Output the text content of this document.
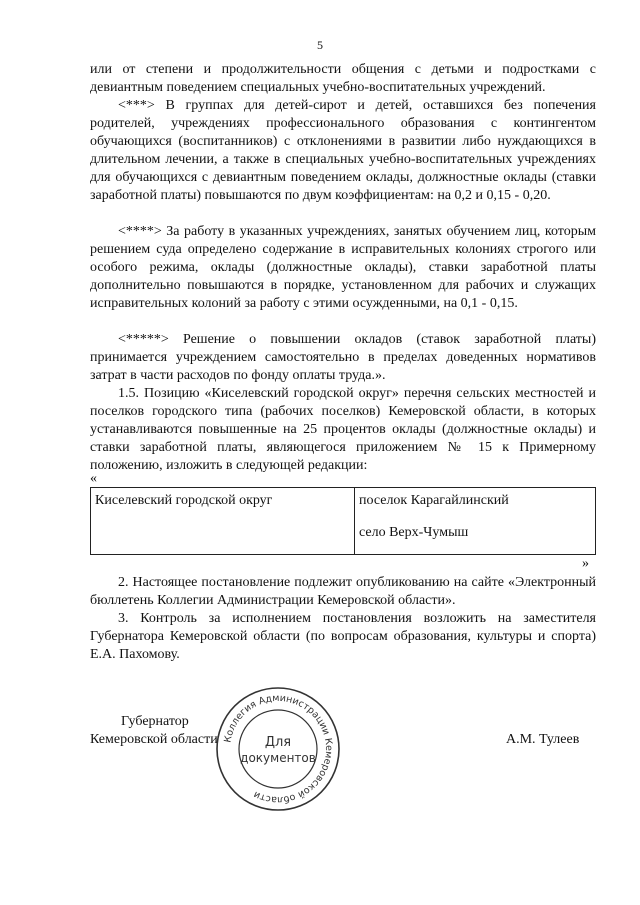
5

или от степени и продолжительности общения с детьми и подростками с девиантным поведением специальных учебно-воспитательных учреждений.

<***> В группах для детей-сирот и детей, оставшихся без попечения родителей, учреждениях профессионального образования с контингентом обучающихся (воспитанников) с отклонениями в развитии либо нуждающихся в длительном лечении, а также в специальных учебно-воспитательных учреждениях для обучающихся с девиантным поведением оклады, должностные оклады (ставки заработной платы) повышаются по двум коэффициентам: на 0,2 и 0,15 - 0,20.

<****> За работу в указанных учреждениях, занятых обучением лиц, которым решением суда определено содержание в исправительных колониях строгого или особого режима, оклады (должностные оклады), ставки заработной платы дополнительно повышаются в порядке, установленном для рабочих и служащих исправительных колоний за работу с этими осужденными, на 0,1 - 0,15.

<*****> Решение о повышении окладов (ставок заработной платы) принимается учреждением самостоятельно в пределах доведенных нормативов затрат в части расходов по фонду оплаты труда.».

1.5. Позицию «Киселевский городской округ» перечня сельских местностей и поселков городского типа (рабочих поселков) Кемеровской области, в которых устанавливаются повышенные на 25 процентов оклады (должностные оклады) и ставки заработной платы, являющегося приложением № 15 к Примерному положению, изложить в следующей редакции:

«
Киселевский городской округ	поселок Карагайлинский
село Верх-Чумыш
»

2. Настоящее постановление подлежит опубликованию на сайте «Электронный бюллетень Коллегии Администрации Кемеровской области».

3. Контроль за исполнением постановления возложить на заместителя Губернатора Кемеровской области (по вопросам образования, культуры и спорта) Е.А. Пахомову.

Губернатор
Кемеровской области	А.М. Тулеев
Коллегия Администрации Кемеровской области
Для
документов
